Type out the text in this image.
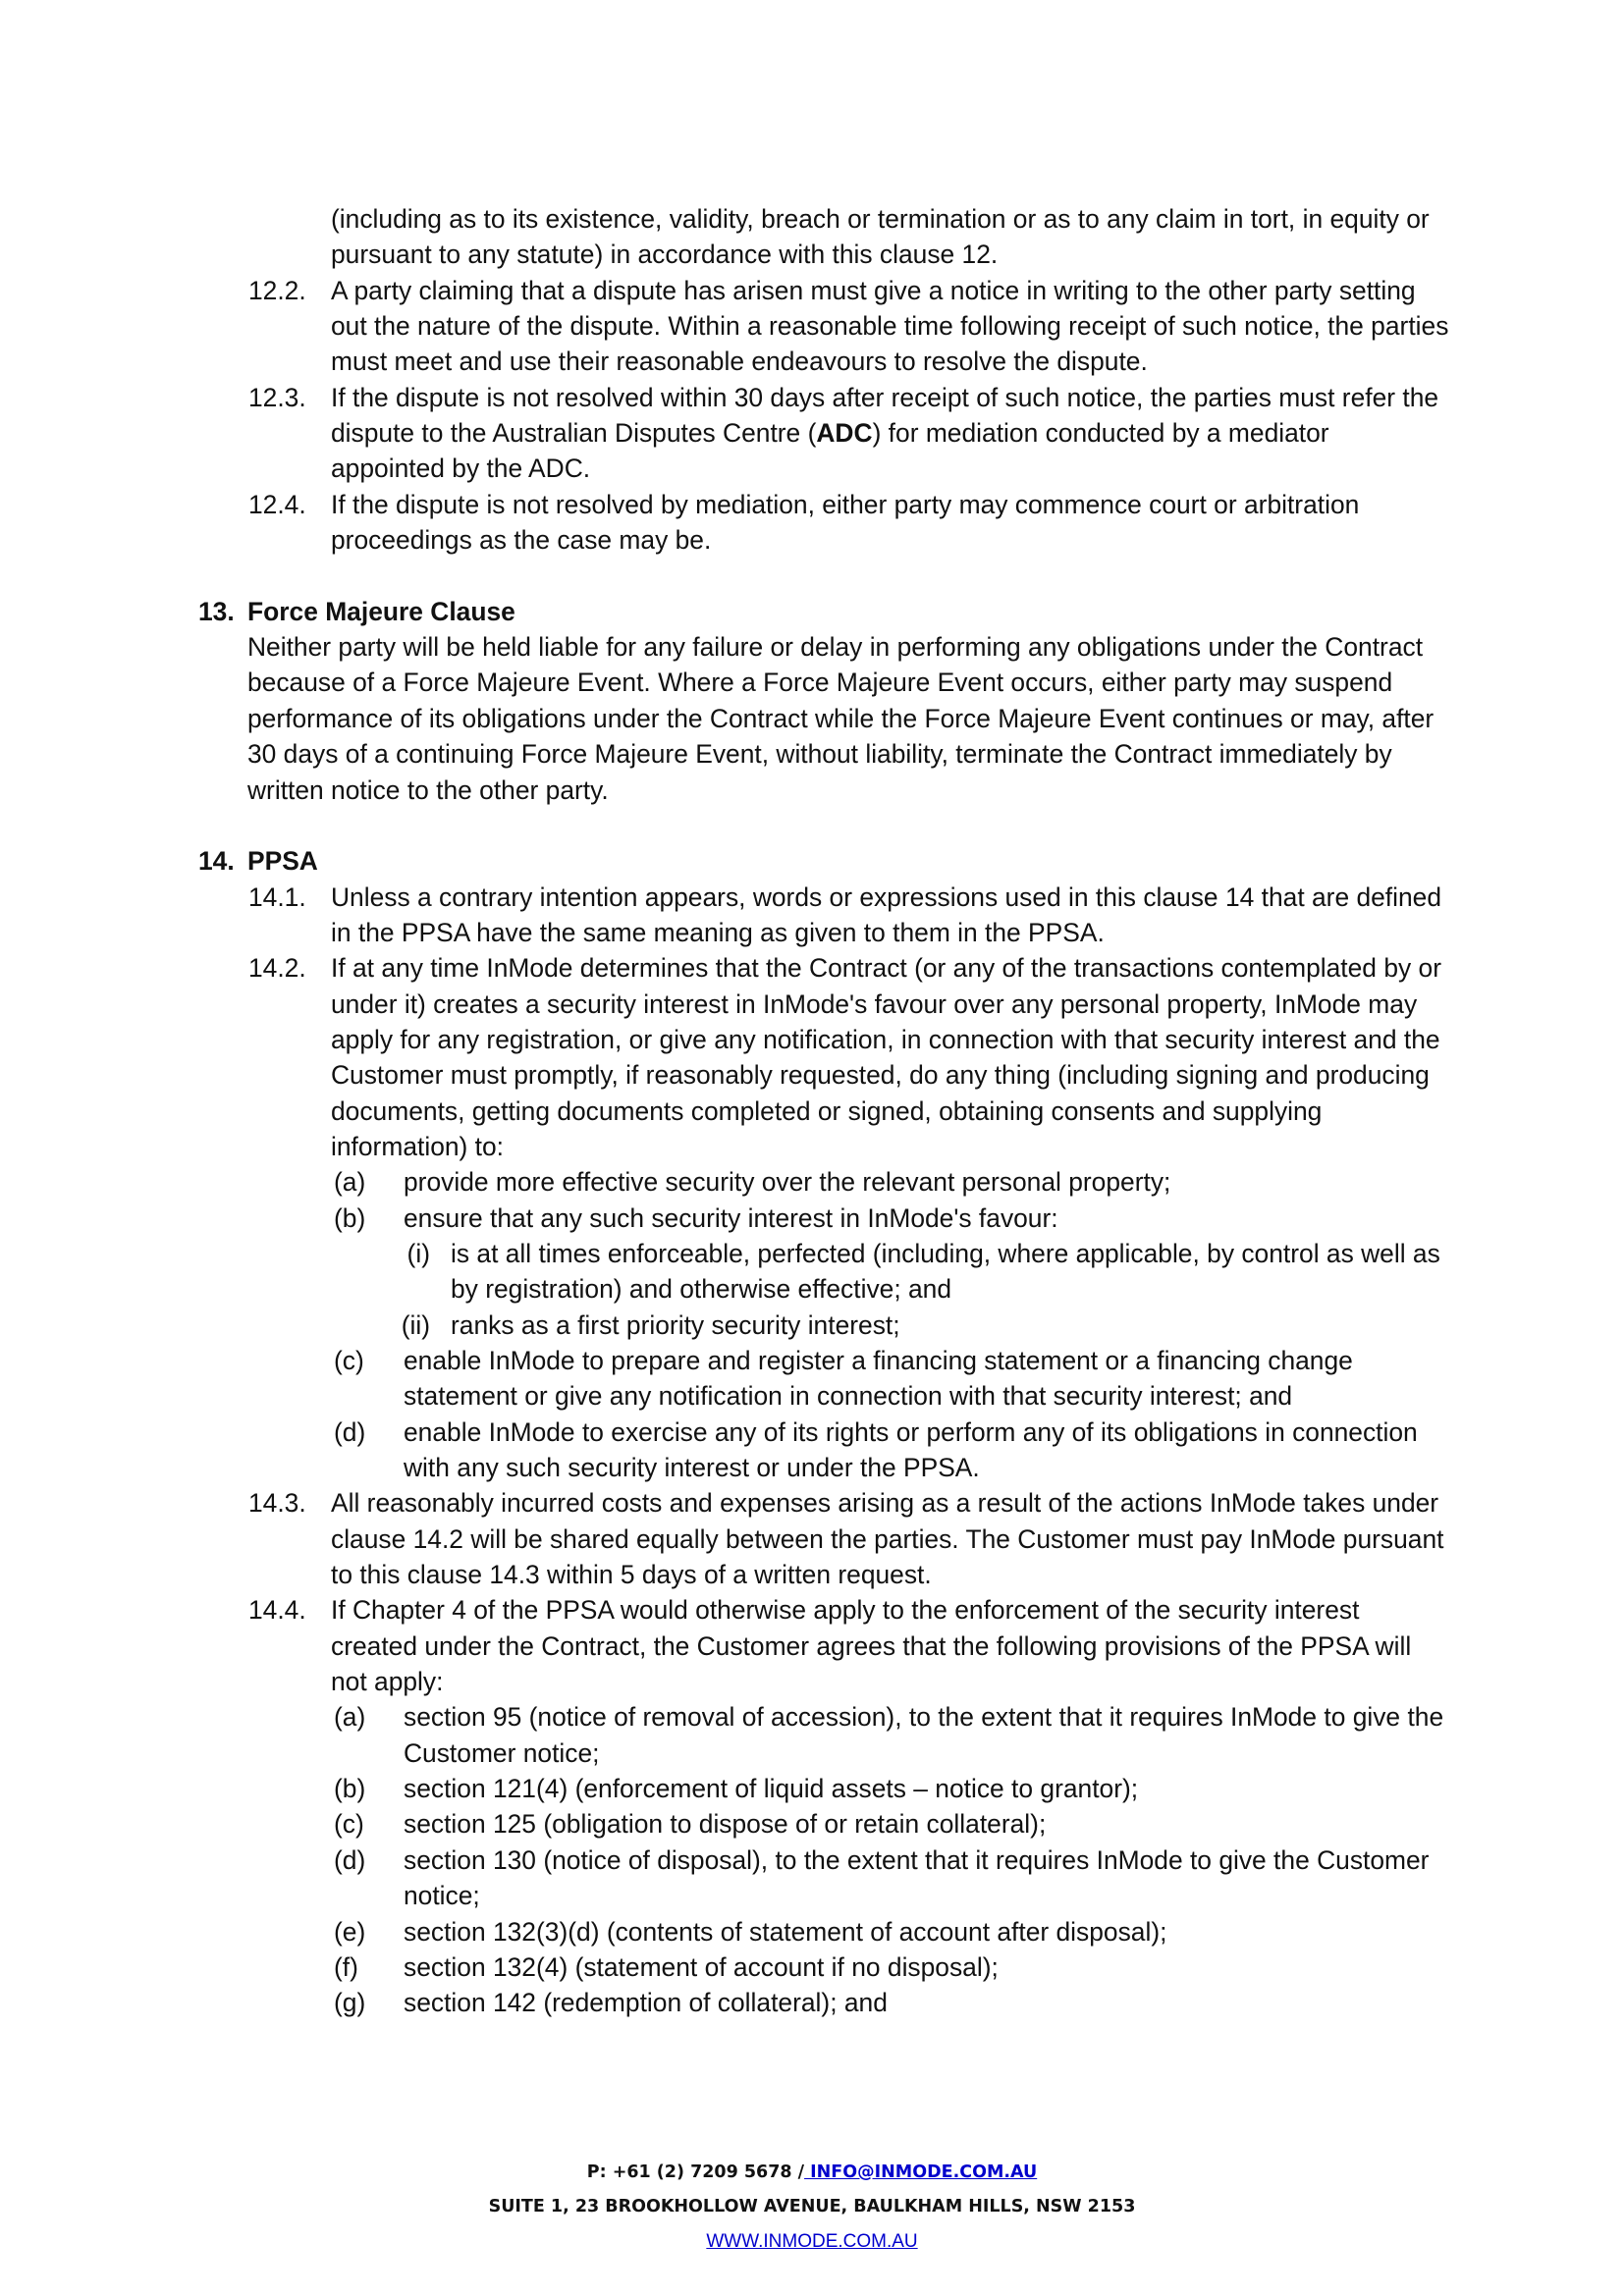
(including as to its existence, validity, breach or termination or as to any claim in tort, in equity or pursuant to any statute) in accordance with this clause 12.
12.2. A party claiming that a dispute has arisen must give a notice in writing to the other party setting out the nature of the dispute. Within a reasonable time following receipt of such notice, the parties must meet and use their reasonable endeavours to resolve the dispute.
12.3. If the dispute is not resolved within 30 days after receipt of such notice, the parties must refer the dispute to the Australian Disputes Centre (ADC) for mediation conducted by a mediator appointed by the ADC.
12.4. If the dispute is not resolved by mediation, either party may commence court or arbitration proceedings as the case may be.
13. Force Majeure Clause
Neither party will be held liable for any failure or delay in performing any obligations under the Contract because of a Force Majeure Event. Where a Force Majeure Event occurs, either party may suspend performance of its obligations under the Contract while the Force Majeure Event continues or may, after 30 days of a continuing Force Majeure Event, without liability, terminate the Contract immediately by written notice to the other party.
14. PPSA
14.1. Unless a contrary intention appears, words or expressions used in this clause 14 that are defined in the PPSA have the same meaning as given to them in the PPSA.
14.2. If at any time InMode determines that the Contract (or any of the transactions contemplated by or under it) creates a security interest in InMode's favour over any personal property, InMode may apply for any registration, or give any notification, in connection with that security interest and the Customer must promptly, if reasonably requested, do any thing (including signing and producing documents, getting documents completed or signed, obtaining consents and supplying information) to:
(a) provide more effective security over the relevant personal property;
(b) ensure that any such security interest in InMode's favour:
(i) is at all times enforceable, perfected (including, where applicable, by control as well as by registration) and otherwise effective; and
(ii) ranks as a first priority security interest;
(c) enable InMode to prepare and register a financing statement or a financing change statement or give any notification in connection with that security interest; and
(d) enable InMode to exercise any of its rights or perform any of its obligations in connection with any such security interest or under the PPSA.
14.3. All reasonably incurred costs and expenses arising as a result of the actions InMode takes under clause 14.2 will be shared equally between the parties. The Customer must pay InMode pursuant to this clause 14.3 within 5 days of a written request.
14.4. If Chapter 4 of the PPSA would otherwise apply to the enforcement of the security interest created under the Contract, the Customer agrees that the following provisions of the PPSA will not apply:
(a) section 95 (notice of removal of accession), to the extent that it requires InMode to give the Customer notice;
(b) section 121(4) (enforcement of liquid assets – notice to grantor);
(c) section 125 (obligation to dispose of or retain collateral);
(d) section 130 (notice of disposal), to the extent that it requires InMode to give the Customer notice;
(e) section 132(3)(d) (contents of statement of account after disposal);
(f) section 132(4) (statement of account if no disposal);
(g) section 142 (redemption of collateral); and
P: +61 (2) 7209 5678 / INFO@INMODE.COM.AU
SUITE 1, 23 BROOKHOLLOW AVENUE, BAULKHAM HILLS, NSW 2153
WWW.INMODE.COM.AU
